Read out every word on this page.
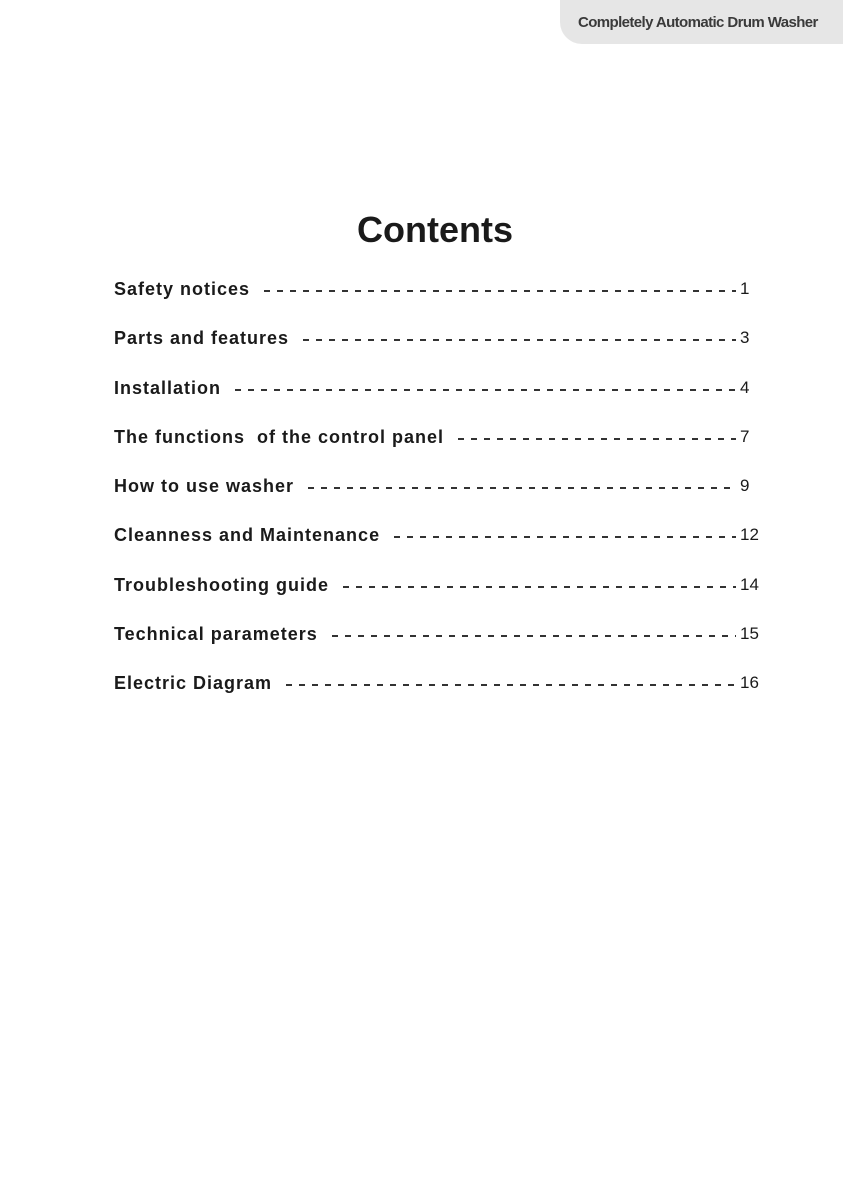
Completely Automatic Drum Washer
Contents
Safety notices	1
Parts and features	3
Installation	4
The functions  of the control panel	7
How to use washer	9
Cleanness and Maintenance	12
Troubleshooting guide	14
Technical parameters	15
Electric Diagram	16
